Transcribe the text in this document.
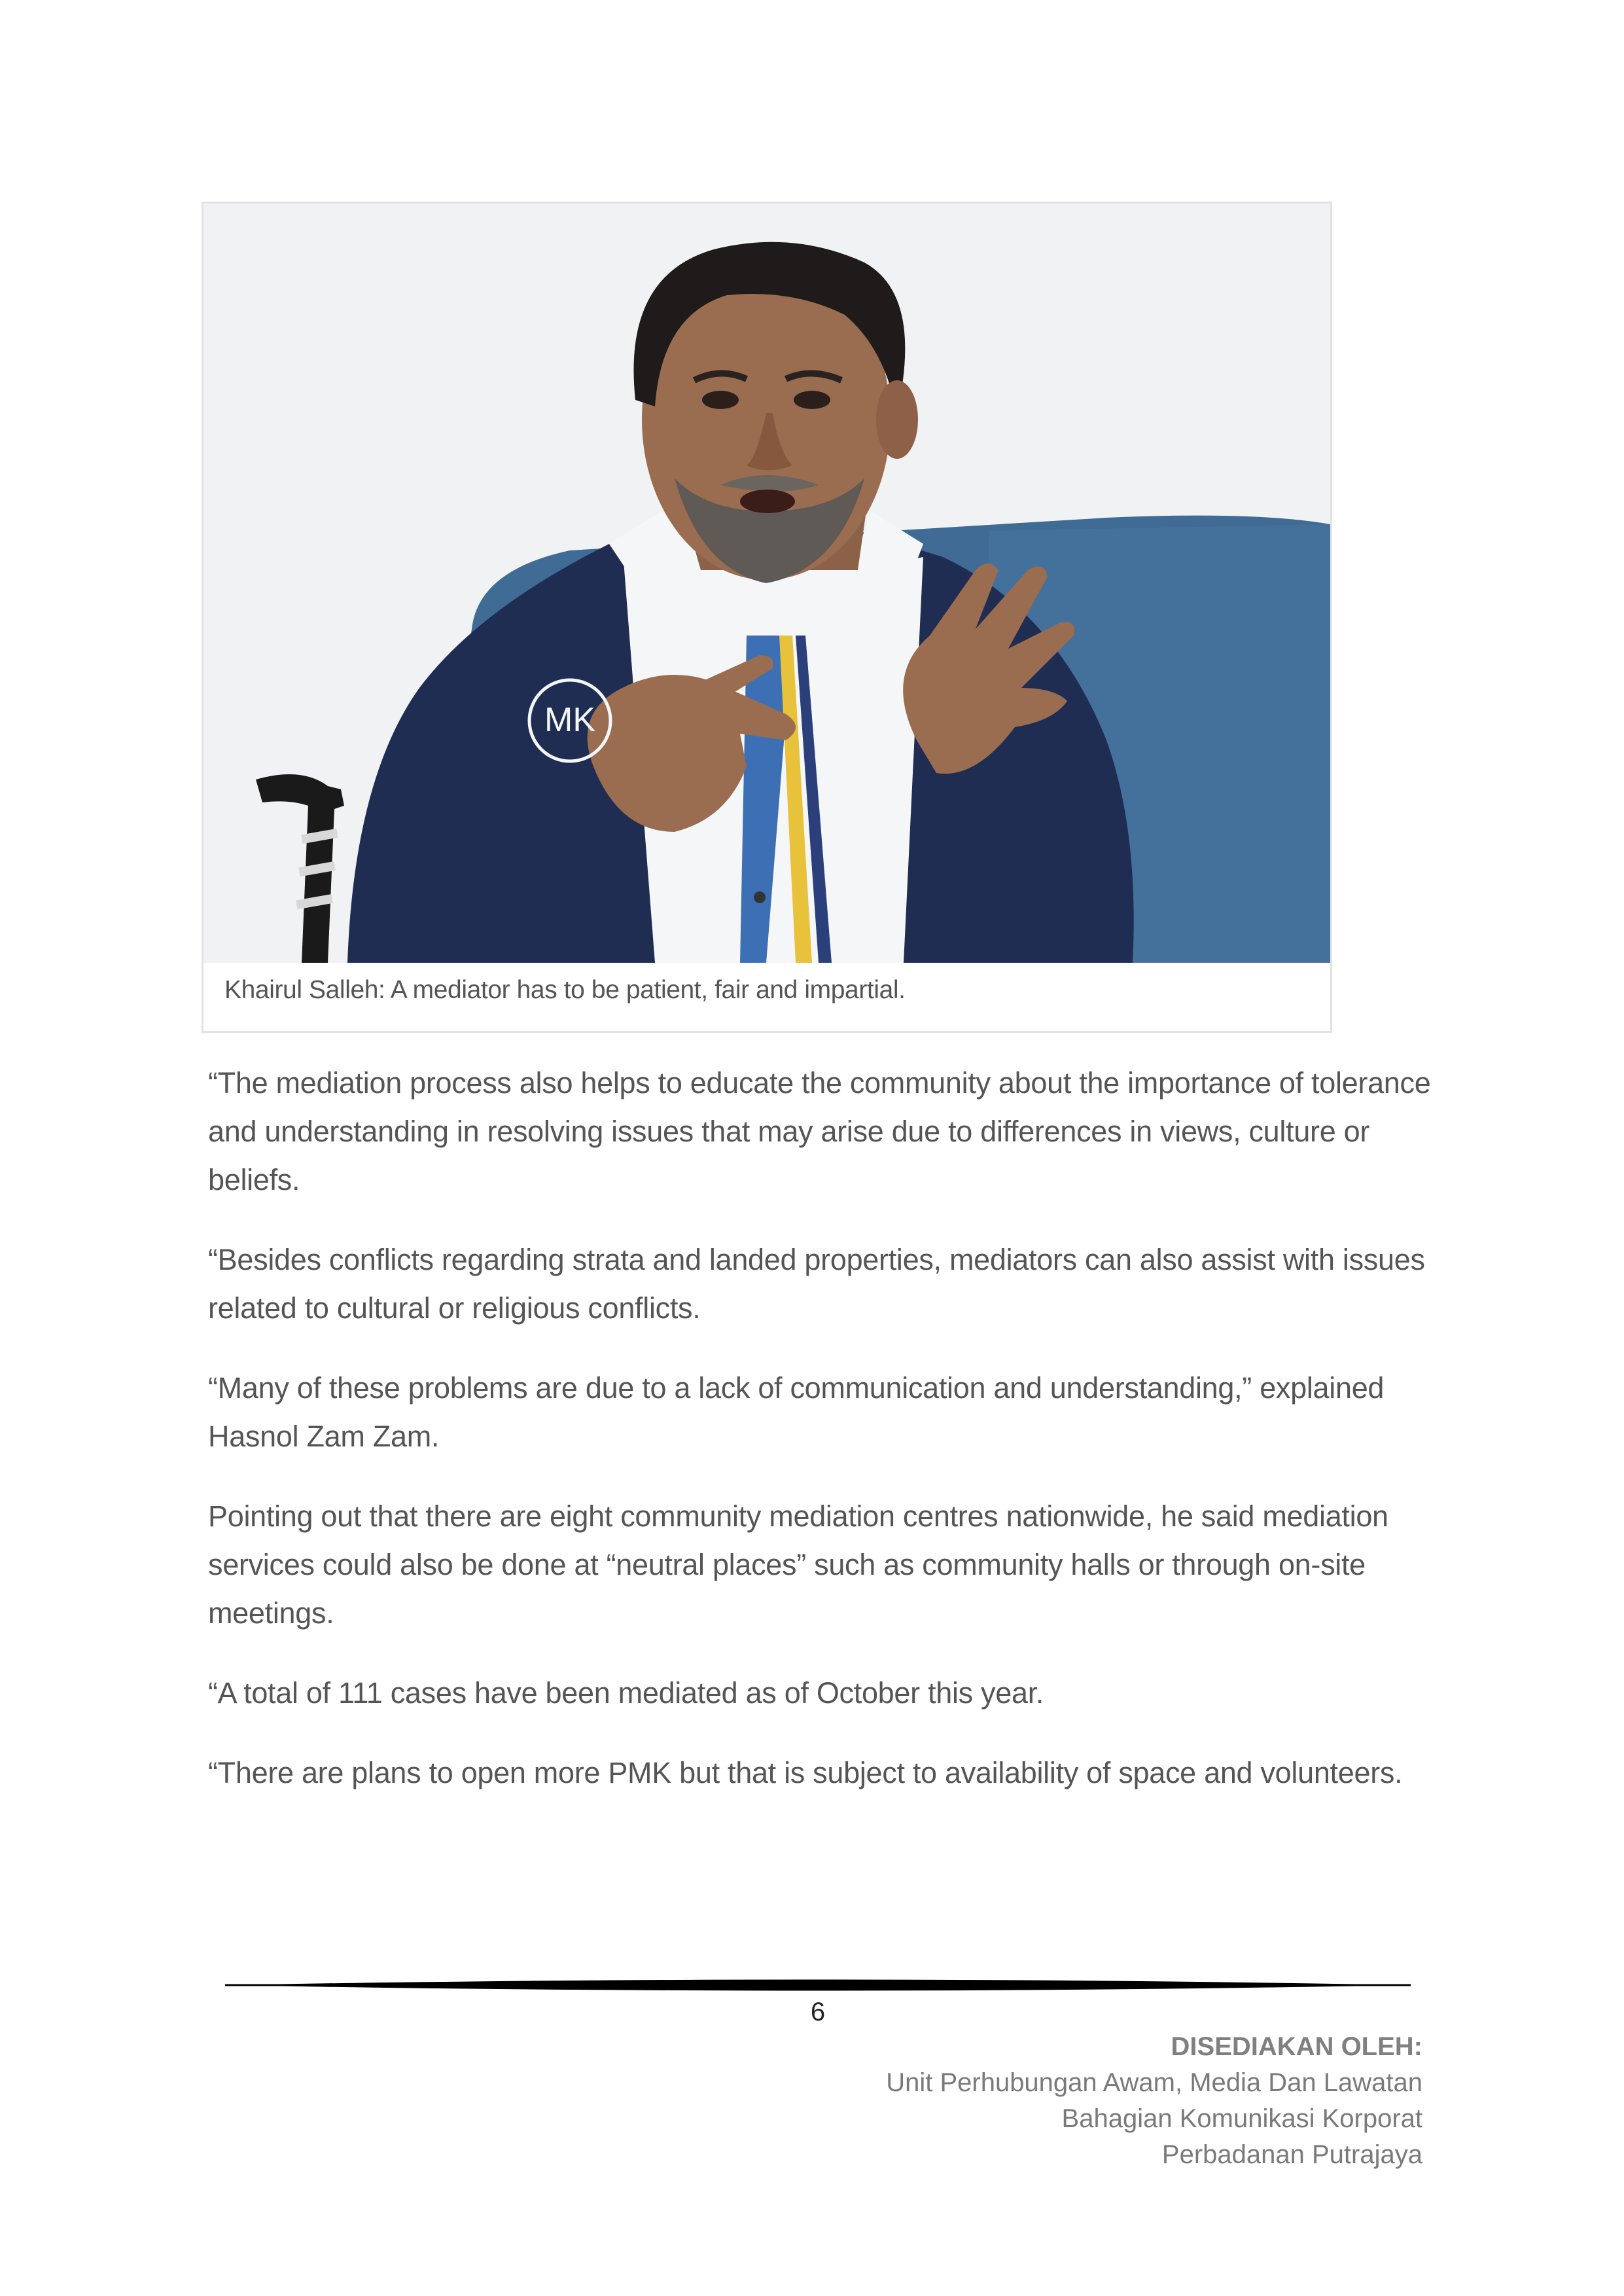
MK
Khairul Salleh: A mediator has to be patient, fair and impartial.

“The mediation process also helps to educate the community about the importance of tolerance and understanding in resolving issues that may arise due to differences in views, culture or beliefs.

“Besides conflicts regarding strata and landed properties, mediators can also assist with issues related to cultural or religious conflicts.

“Many of these problems are due to a lack of communication and understanding,” explained Hasnol Zam Zam.

Pointing out that there are eight community mediation centres nationwide, he said mediation services could also be done at “neutral places” such as community halls or through on-site meetings.

“A total of 111 cases have been mediated as of October this year.

“There are plans to open more PMK but that is subject to availability of space and volunteers.

6
DISEDIAKAN OLEH:
Unit Perhubungan Awam, Media Dan Lawatan
Bahagian Komunikasi Korporat
Perbadanan Putrajaya
